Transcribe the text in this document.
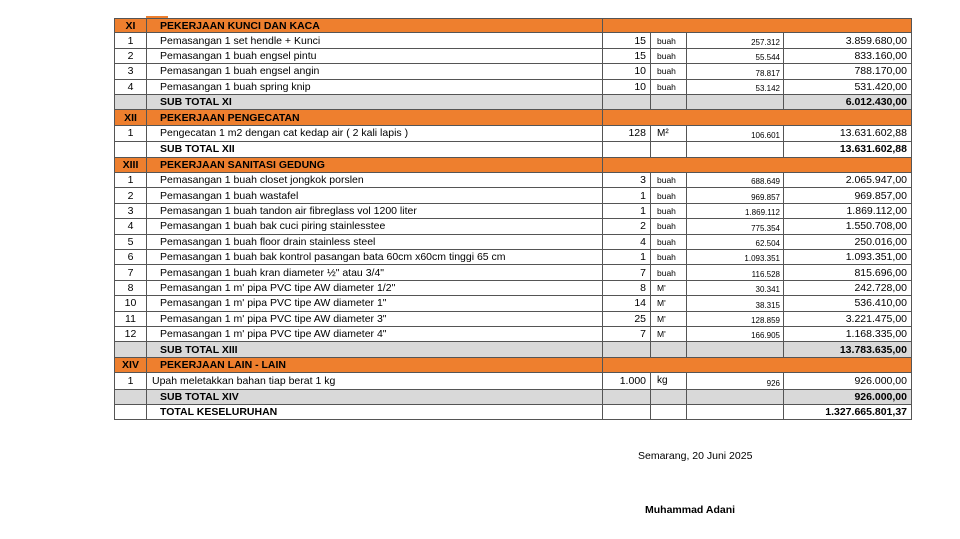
XI	PEKERJAAN KUNCI DAN KACA
1	Pemasangan 1 set hendle + Kunci	15	buah	257.312	3.859.680,00
2	Pemasangan 1 buah engsel pintu	15	buah	55.544	833.160,00
3	Pemasangan 1 buah engsel angin	10	buah	78.817	788.170,00
4	Pemasangan 1 buah spring knip	10	buah	53.142	531.420,00
SUB TOTAL XI	6.012.430,00
XII	PEKERJAAN PENGECATAN
1	Pengecatan 1 m2 dengan cat kedap air ( 2 kali lapis )	128	M²	106.601	13.631.602,88
SUB TOTAL XII	13.631.602,88
XIII	PEKERJAAN SANITASI GEDUNG
1	Pemasangan 1 buah closet jongkok porslen	3	buah	688.649	2.065.947,00
2	Pemasangan 1 buah wastafel	1	buah	969.857	969.857,00
3	Pemasangan 1 buah tandon air fibreglass vol 1200 liter	1	buah	1.869.112	1.869.112,00
4	Pemasangan 1 buah bak cuci piring stainlesstee	2	buah	775.354	1.550.708,00
5	Pemasangan 1 buah floor drain stainless steel	4	buah	62.504	250.016,00
6	Pemasangan 1 buah bak kontrol pasangan bata 60cm x60cm tinggi 65 cm	1	buah	1.093.351	1.093.351,00
7	Pemasangan 1 buah kran diameter ½" atau 3/4"	7	buah	116.528	815.696,00
8	Pemasangan 1 m' pipa PVC tipe AW diameter 1/2"	8	M'	30.341	242.728,00
10	Pemasangan 1 m' pipa PVC tipe AW diameter 1"	14	M'	38.315	536.410,00
11	Pemasangan 1 m' pipa PVC tipe AW diameter 3"	25	M'	128.859	3.221.475,00
12	Pemasangan 1 m' pipa PVC tipe AW diameter 4"	7	M'	166.905	1.168.335,00
SUB TOTAL XIII	13.783.635,00
XIV	PEKERJAAN LAIN - LAIN
1	Upah meletakkan bahan tiap berat 1 kg	1.000	kg	926	926.000,00
SUB TOTAL XIV	926.000,00
TOTAL KESELURUHAN	1.327.665.801,37
Semarang, 20 Juni 2025
Muhammad Adani
